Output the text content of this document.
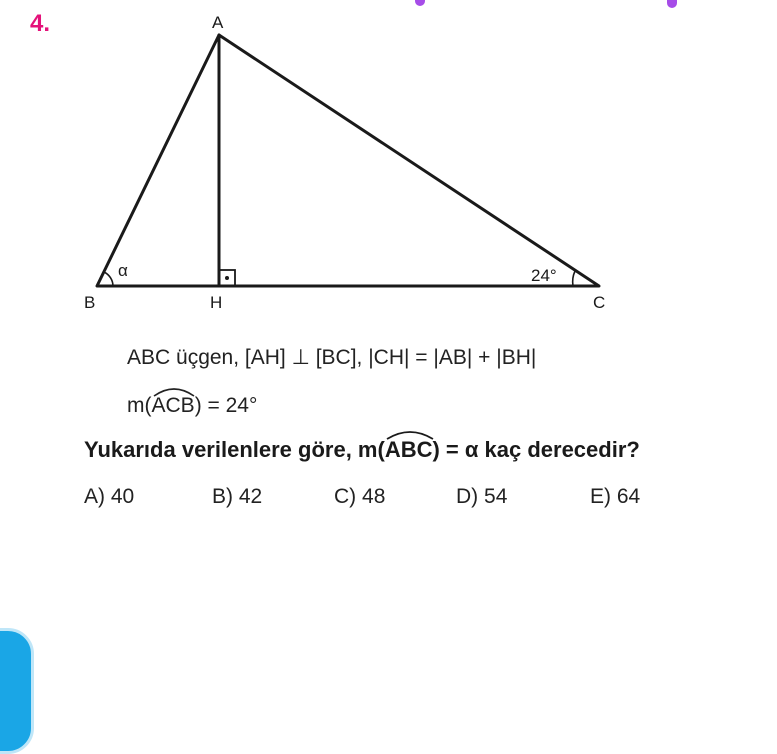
4.	A
B	H	C
α	24°
ABC üçgen, [AH] ⊥ [BC], |CH| = |AB| + |BH|
m(
ACB) = 24°
Yukarıda verilenlere göre, m(
ABC) = α kaç derecedir?
A) 40	B) 42	C) 48	D) 54	E) 64
